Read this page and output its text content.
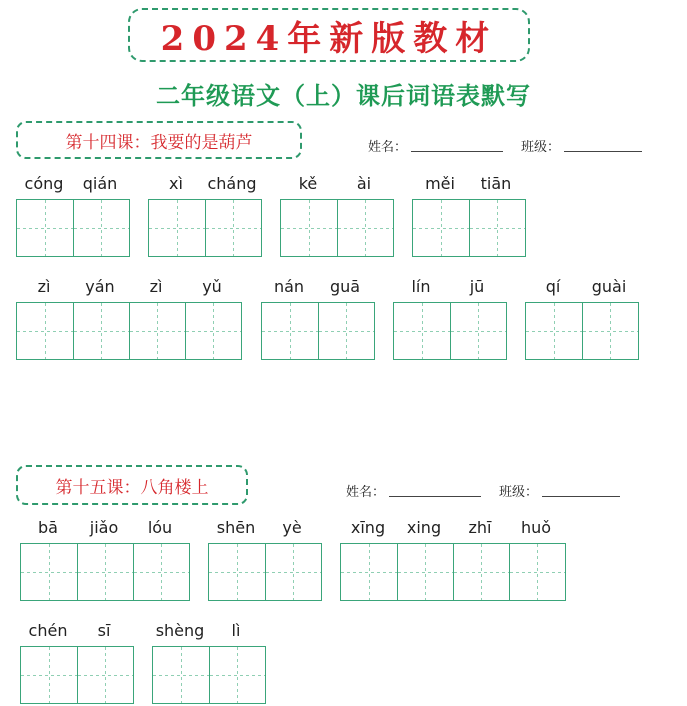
2024年新版教材
二年级语文（上）课后词语表默写
第十四课：我要的是葫芦	姓名：	班级：
cóng	qián	xì	cháng	kě	ài	měi	tiān
zì	yán	zì	yǔ	nán	guā	lín	jū	qí	guài
第十五课：八角楼上	姓名：	班级：
bā	jiǎo	lóu	shēn	yè	xīng	xing	zhī	huǒ
chén	sī	shèng	lì
